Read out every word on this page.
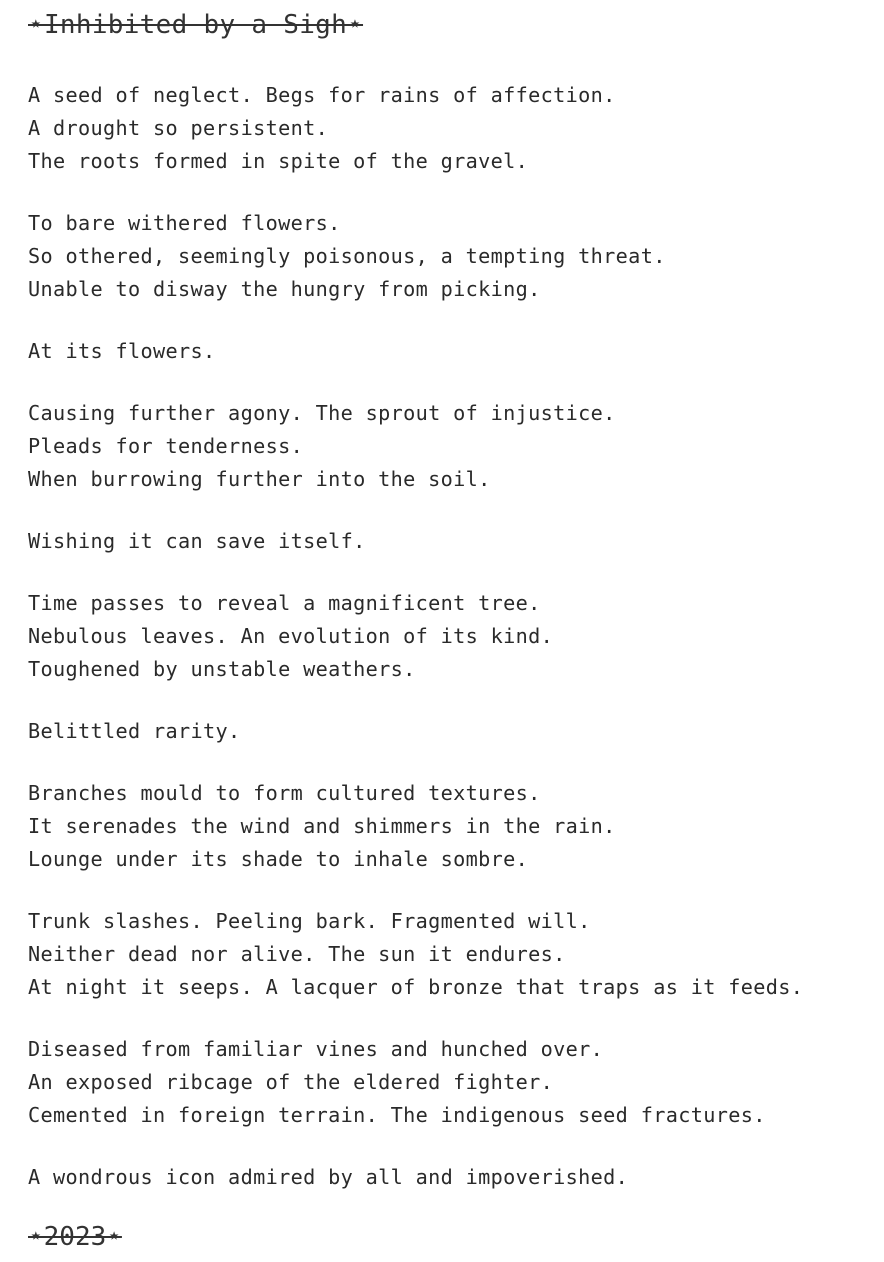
⋆Inhibited by a Sigh⋆

A seed of neglect. Begs for rains of affection.
A drought so persistent.
The roots formed in spite of the gravel.

To bare withered flowers.
So othered, seemingly poisonous, a tempting threat.
Unable to disway the hungry from picking.

At its flowers.

Causing further agony. The sprout of injustice.
Pleads for tenderness.
When burrowing further into the soil.

Wishing it can save itself.

Time passes to reveal a magnificent tree.
Nebulous leaves. An evolution of its kind.
Toughened by unstable weathers.

Belittled rarity.

Branches mould to form cultured textures.
It serenades the wind and shimmers in the rain.
Lounge under its shade to inhale sombre.

Trunk slashes. Peeling bark. Fragmented will.
Neither dead nor alive. The sun it endures.
At night it seeps. A lacquer of bronze that traps as it feeds.

Diseased from familiar vines and hunched over.
An exposed ribcage of the eldered fighter.
Cemented in foreign terrain. The indigenous seed fractures.

A wondrous icon admired by all and impoverished.

⋆2023⋆
